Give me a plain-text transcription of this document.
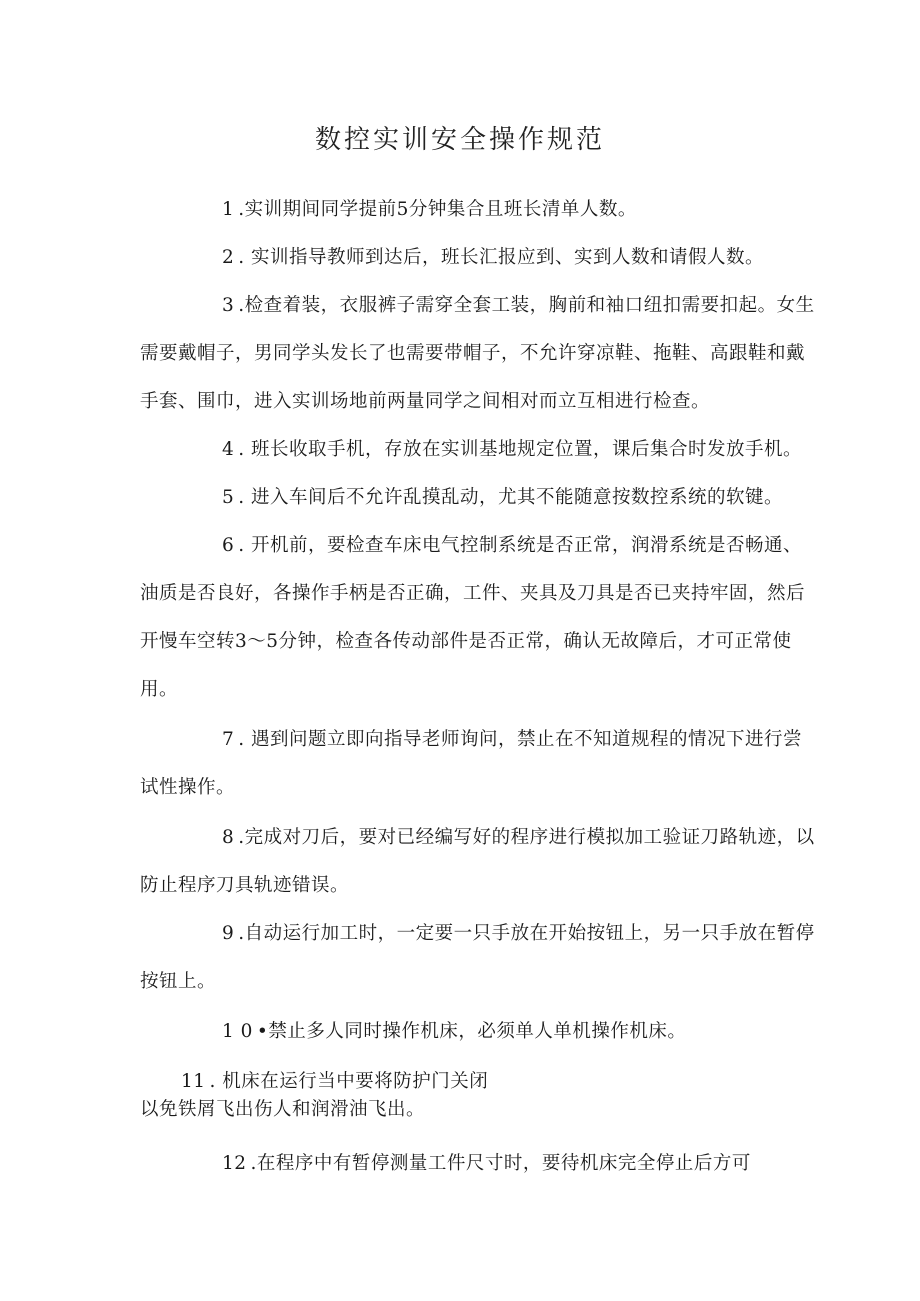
数控实训安全操作规范
1 .实训期间同学提前5分钟集合且班长清单人数。
2 . 实训指导教师到达后，班长汇报应到、实到人数和请假人数。
3 .检查着装，衣服裤子需穿全套工装，胸前和袖口纽扣需要扣起。女生需要戴帽子，男同学头发长了也需要带帽子，不允许穿凉鞋、拖鞋、高跟鞋和戴手套、围巾，进入实训场地前两量同学之间相对而立互相进行检查。
4 . 班长收取手机，存放在实训基地规定位置，课后集合时发放手机。
5 . 进入车间后不允许乱摸乱动，尤其不能随意按数控系统的软键。
6 . 开机前，要检查车床电气控制系统是否正常，润滑系统是否畅通、油质是否良好，各操作手柄是否正确，工件、夹具及刀具是否已夹持牢固，然后开慢车空转3～5分钟，检查各传动部件是否正常，确认无故障后，才可正常使用。
7 . 遇到问题立即向指导老师询问，禁止在不知道规程的情况下进行尝试性操作。
8 .完成对刀后，要对已经编写好的程序进行模拟加工验证刀路轨迹，以防止程序刀具轨迹错误。
9 .自动运行加工时，一定要一只手放在开始按钮上，另一只手放在暂停按钮上。
1 0 •禁止多人同时操作机床，必须单人单机操作机床。
11 . 机床在运行当中要将防护门关闭
以免铁屑飞出伤人和润滑油飞出。
12 .在程序中有暂停测量工件尺寸时，要待机床完全停止后方可
